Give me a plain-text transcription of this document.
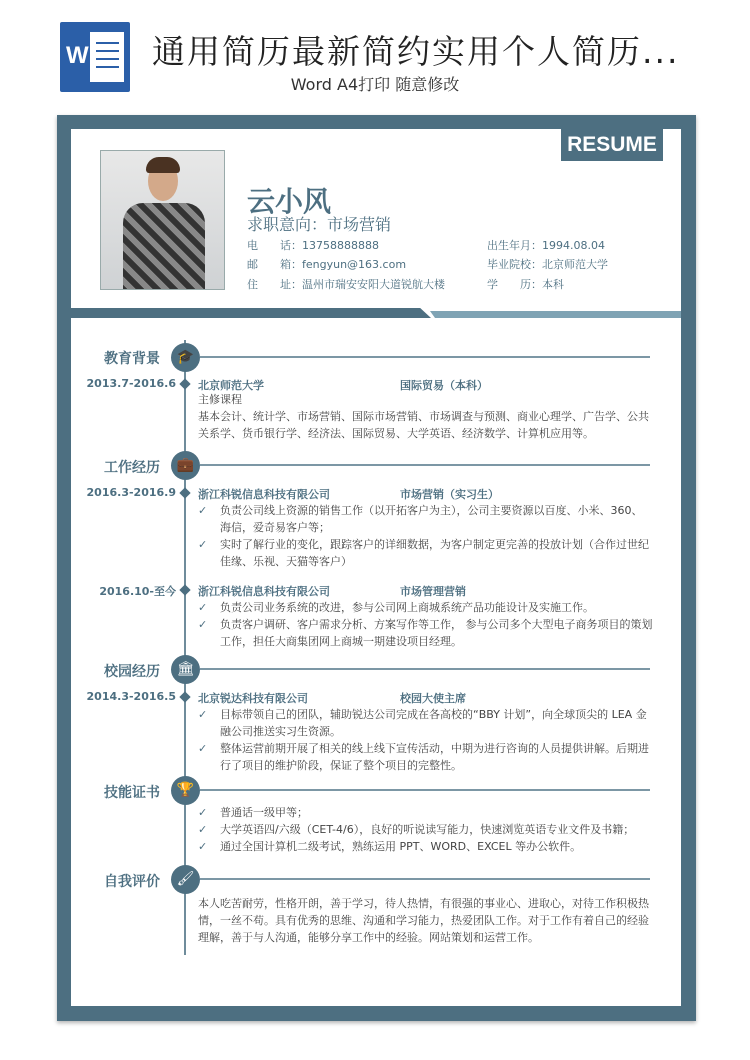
W 通用简历最新简约实用个人简历...
Word A4打印 随意修改
RESUME
云小风
求职意向：市场营销
电　　话：13758888888
邮　　箱：fengyun@163.com
住　　址：温州市瑞安安阳大道锐航大楼
出生年月：1994.08.04
毕业院校：北京师范大学
学　　历：本科
教育背景	🎓
2013.7-2016.6 北京师范大学	国际贸易（本科）
主修课程
基本会计、统计学、市场营销、国际市场营销、市场调查与预测、商业心理学、广告学、公共关系学、货币银行学、经济法、国际贸易、大学英语、经济数学、计算机应用等。
工作经历	💼
2016.3-2016.9 浙江科锐信息科技有限公司	市场营销（实习生）
✓ 负责公司线上资源的销售工作（以开拓客户为主），公司主要资源以百度、小米、360、海信，爱奇易客户等；
✓ 实时了解行业的变化，跟踪客户的详细数据，为客户制定更完善的投放计划（合作过世纪佳缘、乐视、天猫等客户）
2016.10-至今 浙江科锐信息科技有限公司	市场管理营销
✓ 负责公司业务系统的改进，参与公司网上商城系统产品功能设计及实施工作。
✓ 负责客户调研、客户需求分析、方案写作等工作， 参与公司多个大型电子商务项目的策划工作，担任大商集团网上商城一期建设项目经理。
校园经历	🏛
2014.3-2016.5 北京锐达科技有限公司	校园大使主席
✓ 目标带领自己的团队，辅助锐达公司完成在各高校的“BBY 计划”，向全球顶尖的 LEA 金融公司推送实习生资源。
✓ 整体运营前期开展了相关的线上线下宣传活动，中期为进行咨询的人员提供讲解。后期进行了项目的维护阶段，保证了整个项目的完整性。
技能证书	🏆
✓ 普通话一级甲等；
✓ 大学英语四/六级（CET-4/6），良好的听说读写能力，快速浏览英语专业文件及书籍；
✓ 通过全国计算机二级考试，熟练运用 PPT、WORD、EXCEL 等办公软件。
自我评价	🖌
本人吃苦耐劳，性格开朗，善于学习，待人热情，有很强的事业心、进取心，对待工作积极热情，一丝不苟。具有优秀的思维、沟通和学习能力，热爱团队工作。对于工作有着自己的经验理解，善于与人沟通，能够分享工作中的经验。网站策划和运营工作。
